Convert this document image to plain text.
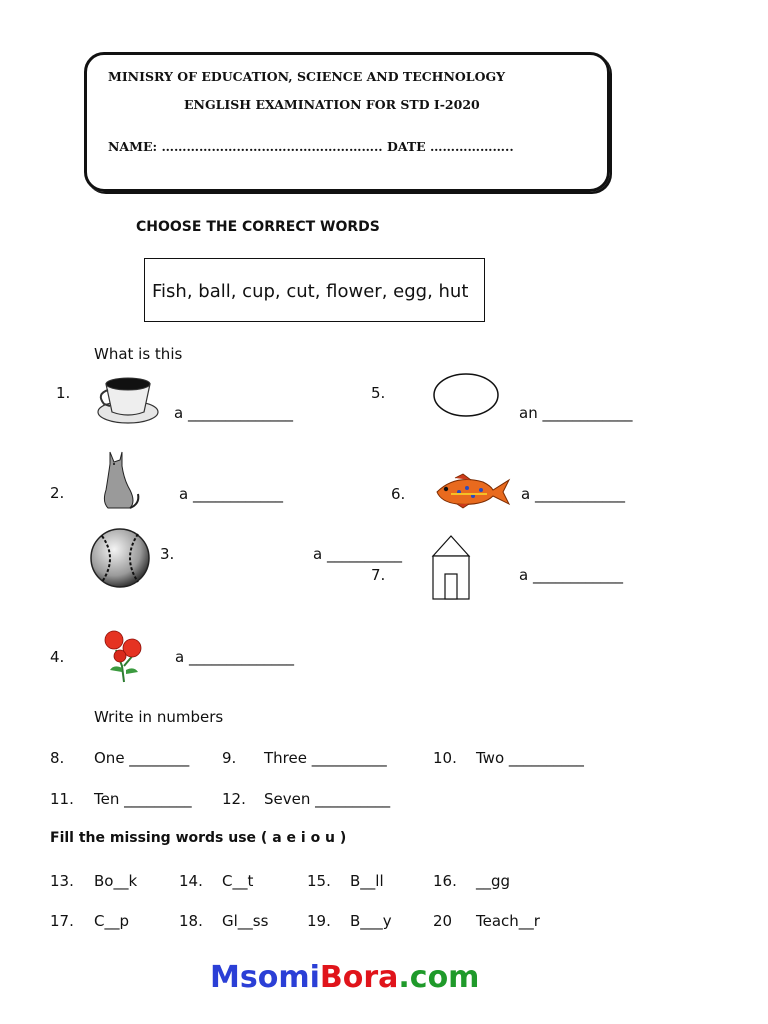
MINISRY OF EDUCATION, SCIENCE AND TECHNOLOGY
ENGLISH EXAMINATION FOR STD I-2020
NAME: …………………………………………….. DATE ………………..
CHOOSE THE CORRECT WORDS
Fish, ball, cup, cut, flower, egg, hut
What is this
1.
a ______________
5.
an ____________
2.	a ____________	6.	a ____________
3.	a __________
7.	a ____________
4.	a ______________
Write in numbers
8. One ________ 9. Three __________	10. Two __________
11. Ten _________ 12. Seven __________
Fill the missing words use ( a e i o u )
13. Bo__k	14. C__t	15. B__ll	16. __gg
17. C__p	18. Gl__ss	19. B___y	20 Teach__r
MsomiBora.com
